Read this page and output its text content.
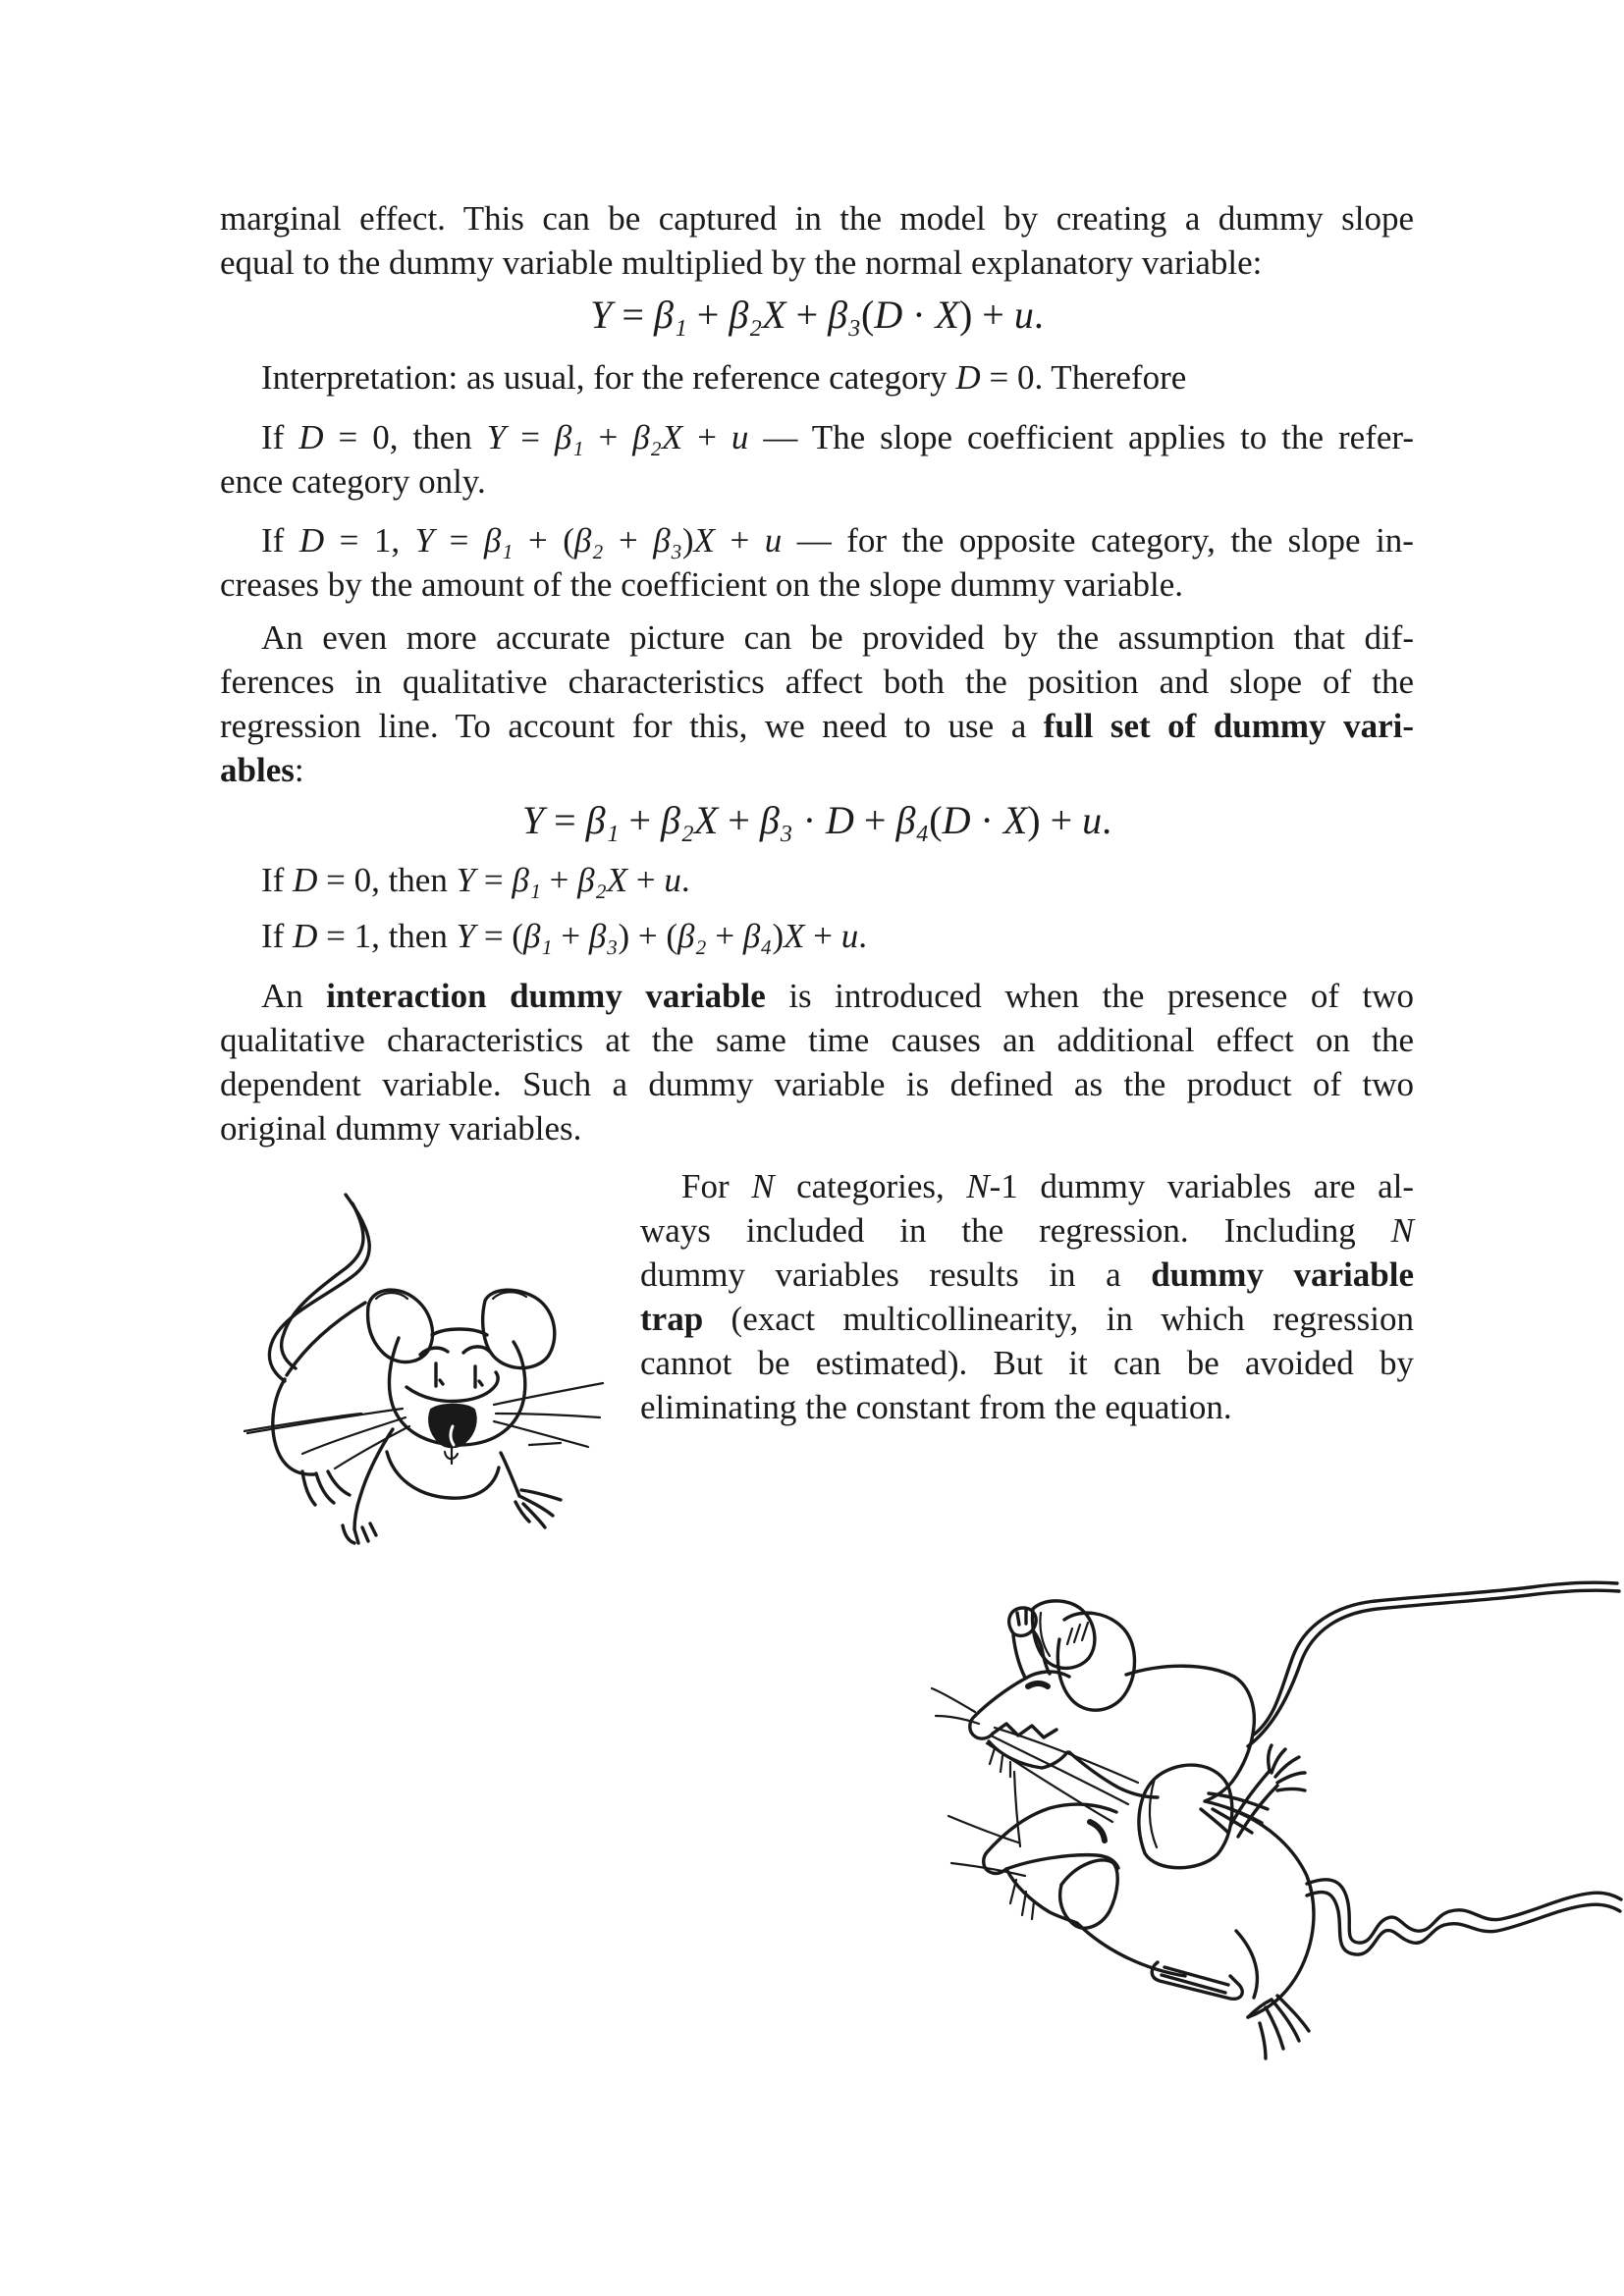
marginal effect. This can be captured in the model by creating a dummy slope
equal to the dummy variable multiplied by the normal explanatory variable:
Y = β₁ + β₂X + β₃(D · X) + u.
Interpretation: as usual, for the reference category D = 0. Therefore
If D = 0, then Y = β₁ + β₂X + u — The slope coefficient applies to the refer-
ence category only.
If D = 1, Y = β₁ + (β₂ + β₃)X + u — for the opposite category, the slope in-
creases by the amount of the coefficient on the slope dummy variable.
An even more accurate picture can be provided by the assumption that dif-
ferences in qualitative characteristics affect both the position and slope of the
regression line. To account for this, we need to use a full set of dummy vari-
ables:
Y = β₁ + β₂X + β₃ · D + β₄(D · X) + u.
If D = 0, then Y = β₁ + β₂X + u.
If D = 1, then Y = (β₁ + β₃) + (β₂ + β₄)X + u.
An interaction dummy variable is introduced when the presence of two
qualitative characteristics at the same time causes an additional effect on the
dependent variable. Such a dummy variable is defined as the product of two
original dummy variables.
For N categories, N-1 dummy variables are al-
ways included in the regression. Including N
dummy variables results in a dummy variable
trap (exact multicollinearity, in which regression
cannot be estimated). But it can be avoided by
eliminating the constant from the equation.
